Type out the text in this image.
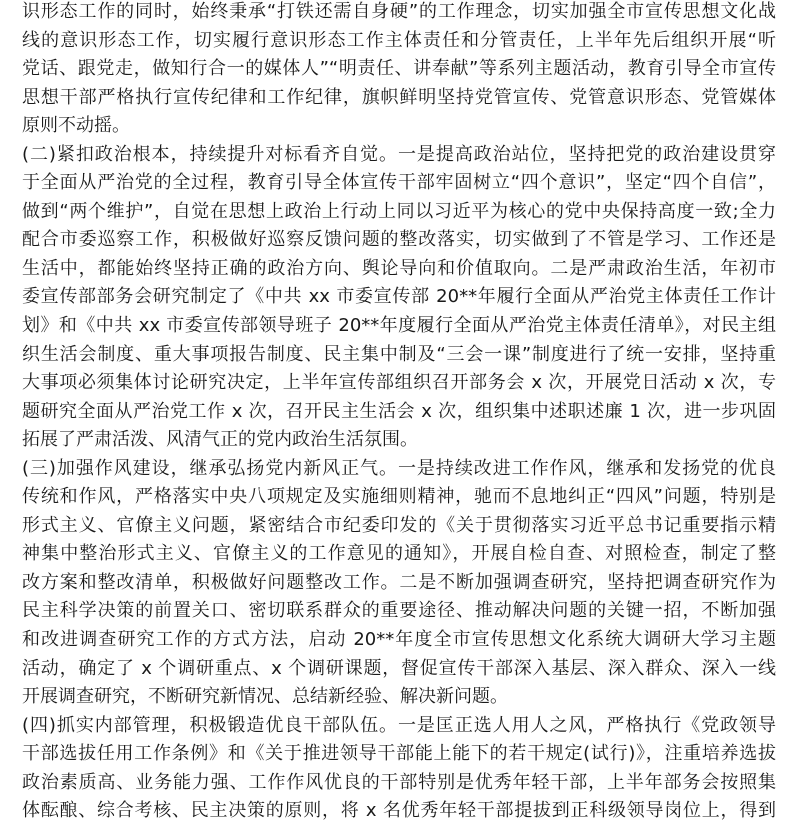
识形态工作的同时，始终秉承“打铁还需自身硬”的工作理念，切实加强全市宣传思想文化战
线的意识形态工作，切实履行意识形态工作主体责任和分管责任，上半年先后组织开展“听
党话、跟党走，做知行合一的媒体人”“明责任、讲奉献”等系列主题活动，教育引导全市宣传
思想干部严格执行宣传纪律和工作纪律，旗帜鲜明坚持党管宣传、党管意识形态、党管媒体
原则不动摇。
(二)紧扣政治根本，持续提升对标看齐自觉。一是提高政治站位，坚持把党的政治建设贯穿
于全面从严治党的全过程，教育引导全体宣传干部牢固树立“四个意识”，坚定“四个自信”，
做到“两个维护”，自觉在思想上政治上行动上同以习近平为核心的党中央保持高度一致;全力
配合市委巡察工作，积极做好巡察反馈问题的整改落实，切实做到了不管是学习、工作还是
生活中，都能始终坚持正确的政治方向、舆论导向和价值取向。二是严肃政治生活，年初市
委宣传部部务会研究制定了《中共 xx 市委宣传部 20**年履行全面从严治党主体责任工作计
划》和《中共 xx 市委宣传部领导班子 20**年度履行全面从严治党主体责任清单》，对民主组
织生活会制度、重大事项报告制度、民主集中制及“三会一课”制度进行了统一安排，坚持重
大事项必须集体讨论研究决定，上半年宣传部组织召开部务会 x 次，开展党日活动 x 次，专
题研究全面从严治党工作 x 次，召开民主生活会 x 次，组织集中述职述廉 1 次，进一步巩固
拓展了严肃活泼、风清气正的党内政治生活氛围。
(三)加强作风建设，继承弘扬党内新风正气。一是持续改进工作作风，继承和发扬党的优良
传统和作风，严格落实中央八项规定及实施细则精神，驰而不息地纠正“四风”问题，特别是
形式主义、官僚主义问题，紧密结合市纪委印发的《关于贯彻落实习近平总书记重要指示精
神集中整治形式主义、官僚主义的工作意见的通知》，开展自检自查、对照检查，制定了整
改方案和整改清单，积极做好问题整改工作。二是不断加强调查研究，坚持把调查研究作为
民主科学决策的前置关口、密切联系群众的重要途径、推动解决问题的关键一招，不断加强
和改进调查研究工作的方式方法，启动 20**年度全市宣传思想文化系统大调研大学习主题
活动，确定了 x 个调研重点、x 个调研课题，督促宣传干部深入基层、深入群众、深入一线
开展调查研究，不断研究新情况、总结新经验、解决新问题。
(四)抓实内部管理，积极锻造优良干部队伍。一是匡正选人用人之风，严格执行《党政领导
干部选拔任用工作条例》和《关于推进领导干部能上能下的若干规定(试行)》，注重培养选拔
政治素质高、业务能力强、工作作风优良的干部特别是优秀年轻干部，上半年部务会按照集
体酝酿、综合考核、民主决策的原则，将 x 名优秀年轻干部提拔到正科级领导岗位上，得到
